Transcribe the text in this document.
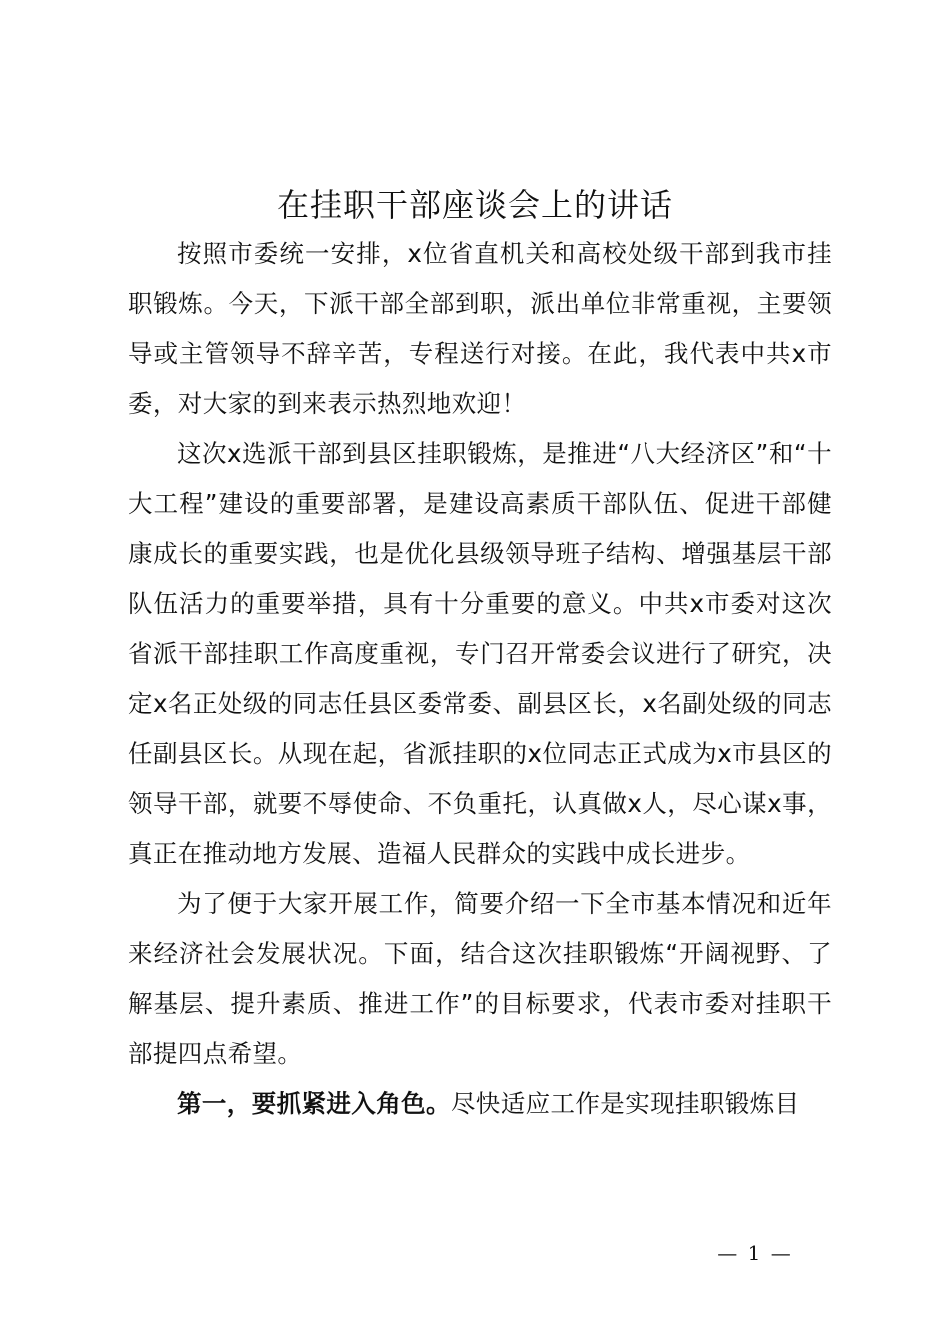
在挂职干部座谈会上的讲话

按照市委统一安排，x位省直机关和高校处级干部到我市挂职锻炼。今天，下派干部全部到职，派出单位非常重视，主要领导或主管领导不辞辛苦，专程送行对接。在此，我代表中共x市委，对大家的到来表示热烈地欢迎！

这次x选派干部到县区挂职锻炼，是推进“八大经济区”和“十大工程”建设的重要部署，是建设高素质干部队伍、促进干部健康成长的重要实践，也是优化县级领导班子结构、增强基层干部队伍活力的重要举措，具有十分重要的意义。中共x市委对这次省派干部挂职工作高度重视，专门召开常委会议进行了研究，决定x名正处级的同志任县区委常委、副县区长，x名副处级的同志任副县区长。从现在起，省派挂职的x位同志正式成为x市县区的领导干部，就要不辱使命、不负重托，认真做x人，尽心谋x事，真正在推动地方发展、造福人民群众的实践中成长进步。

为了便于大家开展工作，简要介绍一下全市基本情况和近年来经济社会发展状况。下面，结合这次挂职锻炼“开阔视野、了解基层、提升素质、推进工作”的目标要求，代表市委对挂职干部提四点希望。

第一，要抓紧进入角色。尽快适应工作是实现挂职锻炼目

— 1 —
